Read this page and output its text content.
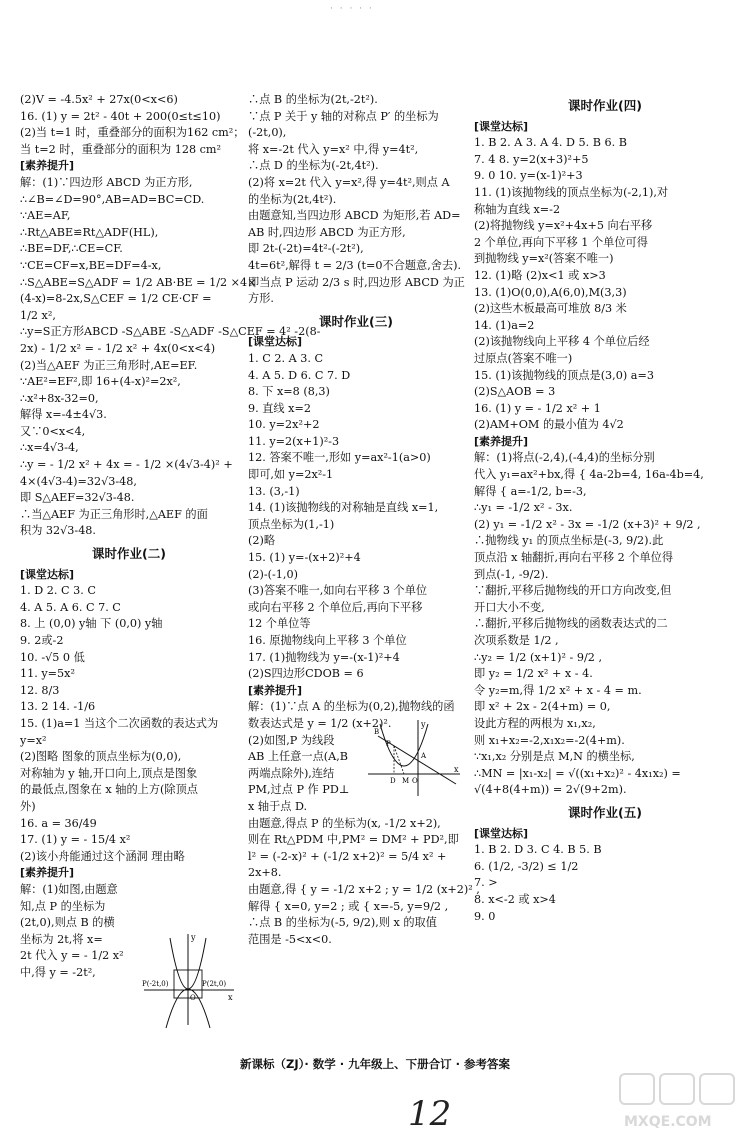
· · · · ·
(2)V = -4.5x² + 27x(0<x<6)
16. (1) y = 2t² - 40t + 200(0≤t≤10)
(2)当 t=1 时，重叠部分的面积为162 cm²；
当 t=2 时，重叠部分的面积为 128 cm²
[素养提升]
解：(1)∵四边形 ABCD 为正方形,
∴∠B=∠D=90°,AB=AD=BC=CD.
∵AE=AF,
∴Rt△ABE≌Rt△ADF(HL),
∴BE=DF,∴CE=CF.
∵CE=CF=x,BE=DF=4-x,
∴S△ABE=S△ADF = 1/2 AB·BE = 1/2 ×4×
(4-x)=8-2x,S△CEF = 1/2 CE·CF =
1/2 x²,
∴y=S正方形ABCD -S△ABE -S△ADF -S△CEF = 4² -2(8-
2x) - 1/2 x² = - 1/2 x² + 4x(0<x<4)
(2)当△AEF 为正三角形时,AE=EF.
∵AE²=EF²,即 16+(4-x)²=2x²,
∴x²+8x-32=0,
解得 x=-4±4√3.
又∵0<x<4,
∴x=4√3-4,
∴y = - 1/2 x² + 4x = - 1/2 ×(4√3-4)² +
4×(4√3-4)=32√3-48,
即 S△AEF=32√3-48.
∴当△AEF 为正三角形时,△AEF 的面
积为 32√3-48.
课时作业(二)
[课堂达标]
1. D 2. C 3. C
4. A 5. A 6. C 7. C
8. 上 (0,0) y轴 下 (0,0) y轴
9. 2或-2
10. -√5 0 低
11. y=5x²
12. 8/3
13. 2 14. -1/6
15. (1)a=1 当这个二次函数的表达式为
y=x²
(2)图略 图象的顶点坐标为(0,0),
对称轴为 y 轴,开口向上,顶点是图象
的最低点,图象在 x 轴的上方(除顶点
外)
16. a = 36/49
17. (1) y = - 15/4 x²
(2)该小舟能通过这个涵洞 理由略
[素养提升]
解：(1)如图,由题意
知,点 P 的坐标为
(2t,0),则点 B 的横
坐标为 2t,将 x=
2t 代入 y = - 1/2 x²
中,得 y = -2t²,
∴点 B 的坐标为(2t,-2t²).
∵点 P 关于 y 轴的对称点 P′ 的坐标为
(-2t,0),
将 x=-2t 代入 y=x² 中,得 y=4t²,
∴点 D 的坐标为(-2t,4t²).
(2)将 x=2t 代入 y=x²,得 y=4t²,则点 A
的坐标为(2t,4t²).
由题意知,当四边形 ABCD 为矩形,若 AD=
AB 时,四边形 ABCD 为正方形,
即 2t-(-2t)=4t²-(-2t²),
4t=6t²,解得 t = 2/3 (t=0不合题意,舍去).
即当点 P 运动 2/3 s 时,四边形 ABCD 为正
方形.
课时作业(三)
[课堂达标]
1. C 2. A 3. C
4. A 5. D 6. C 7. D
8. 下 x=8 (8,3)
9. 直线 x=2
10. y=2x²+2
11. y=2(x+1)²-3
12. 答案不唯一,形如 y=ax²-1(a>0)
即可,如 y=2x²-1
13. (3,-1)
14. (1)该抛物线的对称轴是直线 x=1,
顶点坐标为(1,-1)
(2)略
15. (1) y=-(x+2)²+4
(2)-(-1,0)
(3)答案不唯一,如向右平移 3 个单位
或向右平移 2 个单位后,再向下平移
12 个单位等
16. 原抛物线向上平移 3 个单位
17. (1)抛物线为 y=-(x-1)²+4
(2)S四边形CDOB = 6
[素养提升]
解：(1)∵点 A 的坐标为(0,2),抛物线的函
数表达式是 y = 1/2 (x+2)².
(2)如图,P 为线段
AB 上任意一点(A,B
两端点除外),连结
PM,过点 P 作 PD⊥
x 轴于点 D.
由题意,得点 P 的坐标为(x, -1/2 x+2),
则在 Rt△PDM 中,PM² = DM² + PD²,即
l² = (-2-x)² + (-1/2 x+2)² = 5/4 x² +
2x+8.
由题意,得 { y = -1/2 x+2 ; y = 1/2 (x+2)² ,
解得 { x=0, y=2 ; 或 { x=-5, y=9/2 ,
∴点 B 的坐标为(-5, 9/2),则 x 的取值
范围是 -5<x<0.
课时作业(四)
[课堂达标]
1. B 2. A 3. A 4. D 5. B 6. B
7. 4 8. y=2(x+3)²+5
9. 0 10. y=(x-1)²+3
11. (1)该抛物线的顶点坐标为(-2,1),对
称轴为直线 x=-2
(2)将抛物线 y=x²+4x+5 向右平移
2 个单位,再向下平移 1 个单位可得
到抛物线 y=x²(答案不唯一)
12. (1)略 (2)x<1 或 x>3
13. (1)O(0,0),A(6,0),M(3,3)
(2)这些木板最高可堆放 8/3 米
14. (1)a=2
(2)该抛物线向上平移 4 个单位后经
过原点(答案不唯一)
15. (1)该抛物线的顶点是(3,0) a=3
(2)S△AOB = 3
16. (1) y = - 1/2 x² + 1
(2)AM+OM 的最小值为 4√2
[素养提升]
解：(1)将点(-2,4),(-4,4)的坐标分别
代入 y₁=ax²+bx,得 { 4a-2b=4, 16a-4b=4,
解得 { a=-1/2, b=-3,
∴y₁ = -1/2 x² - 3x.
(2) y₁ = -1/2 x² - 3x = -1/2 (x+3)² + 9/2 ,
∴抛物线 y₁ 的顶点坐标是(-3, 9/2).此
顶点沿 x 轴翻折,再向右平移 2 个单位得
到点(-1, -9/2).
∵翻折,平移后抛物线的开口方向改变,但
开口大小不变,
∴翻折,平移后抛物线的函数表达式的二
次项系数是 1/2 ,
∴y₂ = 1/2 (x+1)² - 9/2 ,
即 y₂ = 1/2 x² + x - 4.
令 y₂=m,得 1/2 x² + x - 4 = m.
即 x² + 2x - 2(4+m) = 0,
设此方程的两根为 x₁,x₂,
则 x₁+x₂=-2,x₁x₂=-2(4+m).
∵x₁,x₂ 分别是点 M,N 的横坐标,
∴MN = |x₁-x₂| = √((x₁+x₂)² - 4x₁x₂) =
√(4+8(4+m)) = 2√(9+2m).
课时作业(五)
[课堂达标]
1. B 2. D 3. C 4. B 5. B
6. (1/2, -3/2) ≤ 1/2
7. >
8. x<-2 或 x>4
9. 0
y
P(-2t,0)	P(2t,0)
O	x
y
A
B
P
D M O
x
新课标（ZJ）· 数学 · 九年级上、下册合订 · 参考答案
12	MXQE.COM
